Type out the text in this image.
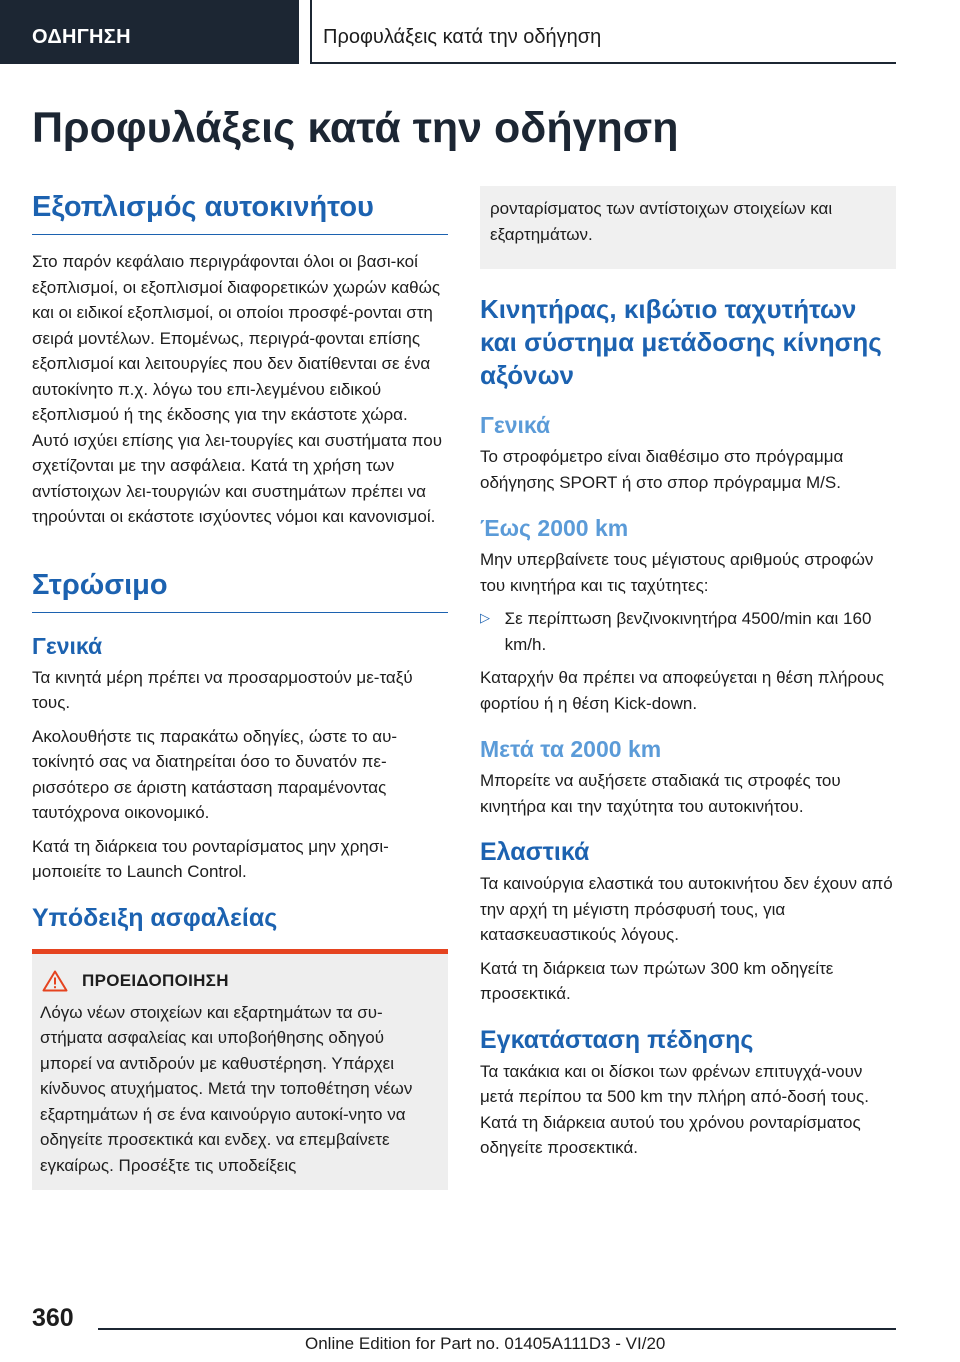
ΟΔΗΓΗΣΗ	Προφυλάξεις κατά την οδήγηση
Προφυλάξεις κατά την οδήγηση
Εξοπλισμός αυτοκινήτου

Στο παρόν κεφάλαιο περιγράφονται όλοι οι βασι-κοί εξοπλισμοί, οι εξοπλισμοί διαφορετικών χωρών καθώς και οι ειδικοί εξοπλισμοί, οι οποίοι προσφέ-ρονται στη σειρά μοντέλων. Επομένως, περιγρά-φονται επίσης εξοπλισμοί και λειτουργίες που δεν διατίθενται σε ένα αυτοκίνητο π.χ. λόγω του επι-λεγμένου ειδικού εξοπλισμού ή της έκδοσης για την εκάστοτε χώρα. Αυτό ισχύει επίσης για λει-τουργίες και συστήματα που σχετίζονται με την ασφάλεια. Κατά τη χρήση των αντίστοιχων λει-τουργιών και συστημάτων πρέπει να τηρούνται οι εκάστοτε ισχύοντες νόμοι και κανονισμοί.

Στρώσιμο
Γενικά

Τα κινητά μέρη πρέπει να προσαρμοστούν με-ταξύ τους.

Ακολουθήστε τις παρακάτω οδηγίες, ώστε το αυ-τοκίνητό σας να διατηρείται όσο το δυνατόν πε-ρισσότερο σε άριστη κατάσταση παραμένοντας ταυτόχρονα οικονομικό.

Κατά τη διάρκεια του ρονταρίσματος μην χρησι-μοποιείτε το Launch Control.

Υπόδειξη ασφαλείας
ΠΡΟΕΙΔΟΠΟΙΗΣΗ

Λόγω νέων στοιχείων και εξαρτημάτων τα συ-στήματα ασφαλείας και υποβοήθησης οδηγού μπορεί να αντιδρούν με καθυστέρηση. Υπάρχει κίνδυνος ατυχήματος. Μετά την τοποθέτηση νέων εξαρτημάτων ή σε ένα καινούργιο αυτοκί-νητο να οδηγείτε προσεκτικά και ενδεχ. να επεμβαίνετε εγκαίρως. Προσέξτε τις υποδείξεις

ρονταρίσματος των αντίστοιχων στοιχείων και εξαρτημάτων.

Κινητήρας, κιβώτιο ταχυτήτων και σύστημα μετάδοσης κίνησης αξόνων
Γενικά

Το στροφόμετρο είναι διαθέσιμο στο πρόγραμμα οδήγησης SPORT ή στο σπορ πρόγραμμα M/S.

Έως 2000 km

Μην υπερβαίνετε τους μέγιστους αριθμούς στροφών του κινητήρα και τις ταχύτητες:

▷ Σε περίπτωση βενζινοκινητήρα 4500/min και 160 km/h.

Καταρχήν θα πρέπει να αποφεύγεται η θέση πλήρους φορτίου ή η θέση Kick-down.

Μετά τα 2000 km

Μπορείτε να αυξήσετε σταδιακά τις στροφές του κινητήρα και την ταχύτητα του αυτοκινήτου.

Ελαστικά

Τα καινούργια ελαστικά του αυτοκινήτου δεν έχουν από την αρχή τη μέγιστη πρόσφυσή τους, για κατασκευαστικούς λόγους.

Κατά τη διάρκεια των πρώτων 300 km οδηγείτε προσεκτικά.

Εγκατάσταση πέδησης

Τα τακάκια και οι δίσκοι των φρένων επιτυγχά-νουν μετά περίπου τα 500 km την πλήρη από-δοσή τους. Κατά τη διάρκεια αυτού του χρόνου ρονταρίσματος οδηγείτε προσεκτικά.

360
Online Edition for Part no. 01405A111D3 - VI/20
